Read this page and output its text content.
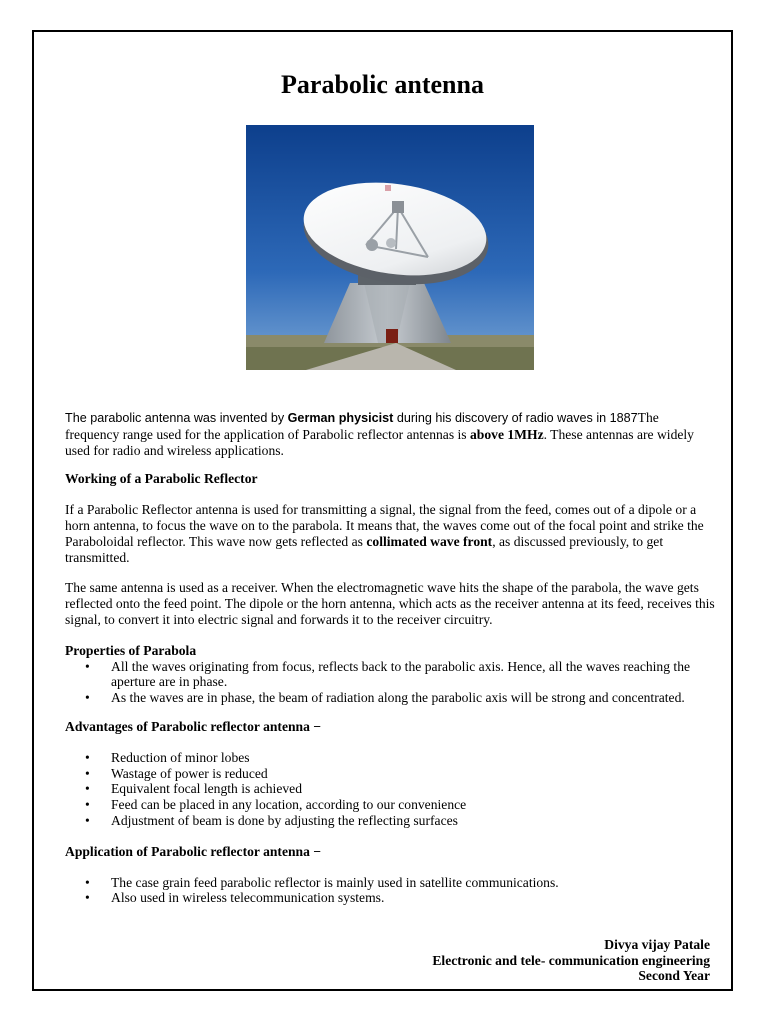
Parabolic antenna

The parabolic antenna was invented by German physicist during his discovery of radio waves in 1887The frequency range used for the application of Parabolic reflector antennas is above 1MHz. These antennas are widely used for radio and wireless applications.

Working of a Parabolic Reflector

If a Parabolic Reflector antenna is used for transmitting a signal, the signal from the feed, comes out of a dipole or a horn antenna, to focus the wave on to the parabola. It means that, the waves come out of the focal point and strike the Paraboloidal reflector. This wave now gets reflected as collimated wave front, as discussed previously, to get transmitted.

The same antenna is used as a receiver. When the electromagnetic wave hits the shape of the parabola, the wave gets reflected onto the feed point. The dipole or the horn antenna, which acts as the receiver antenna at its feed, receives this signal, to convert it into electric signal and forwards it to the receiver circuitry.

Properties of Parabola

• All the waves originating from focus, reflects back to the parabolic axis. Hence, all the waves reaching the aperture are in phase.
• As the waves are in phase, the beam of radiation along the parabolic axis will be strong and concentrated.

Advantages of Parabolic reflector antenna −

• Reduction of minor lobes
• Wastage of power is reduced
• Equivalent focal length is achieved
• Feed can be placed in any location, according to our convenience
• Adjustment of beam is done by adjusting the reflecting surfaces

Application of Parabolic reflector antenna −

• The case grain feed parabolic reflector is mainly used in satellite communications.
• Also used in wireless telecommunication systems.
Divya vijay Patale
Electronic and tele- communication engineering
Second Year
